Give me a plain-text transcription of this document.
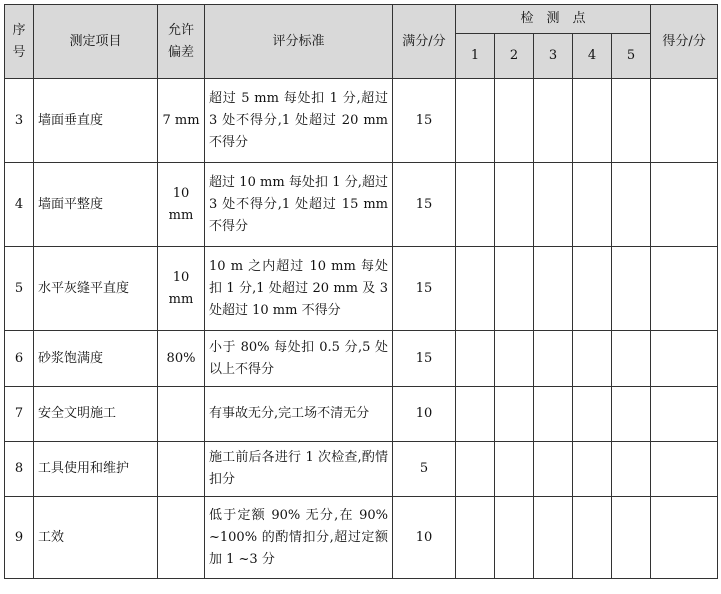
序号	测定项目	允许偏差	评分标准	满分/分	检　测　点					得分/分
					1	2	3	4	5	
3	墙面垂直度	7 mm	超过 5 mm 每处扣 1 分,超过 3 处不得分,1 处超过 20 mm 不得分	15						
4	墙面平整度	10 mm	超过 10 mm 每处扣 1 分,超过 3 处不得分,1 处超过 15 mm 不得分	15						
5	水平灰缝平直度	10 mm	10 m 之内超过 10 mm 每处扣 1 分,1 处超过 20 mm 及 3 处超过 10 mm 不得分	15						
6	砂浆饱满度	80%	小于 80% 每处扣 0.5 分,5 处以上不得分	15						
7	安全文明施工		有事故无分,完工场不清无分	10						
8	工具使用和维护		施工前后各进行 1 次检查,酌情扣分	5						
9	工效		低于定额 90% 无分,在 90% ~100% 的酌情扣分,超过定额加 1 ~3 分	10						
